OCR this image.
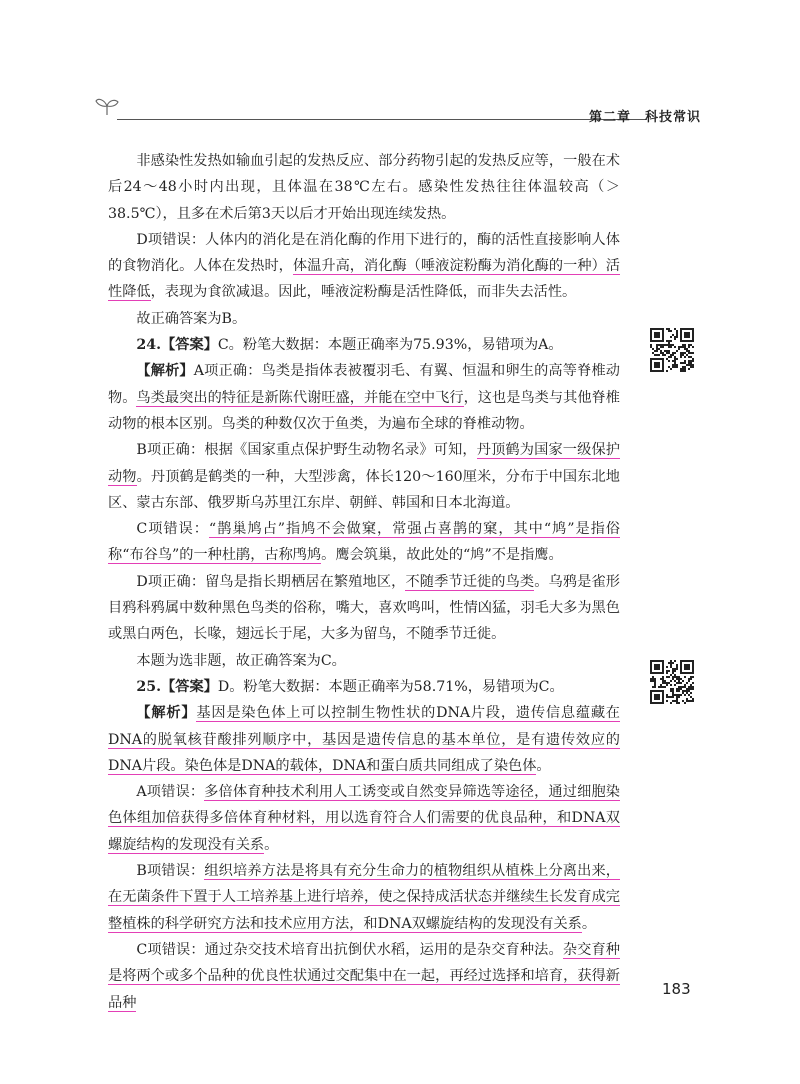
第二章 科技常识

非感染性发热如输血引起的发热反应、部分药物引起的发热反应等，一般在术后24～48小时内出现，且体温在38℃左右。感染性发热往往体温较高（＞38.5℃），且多在术后第3天以后才开始出现连续发热。

D项错误：人体内的消化是在消化酶的作用下进行的，酶的活性直接影响人体的食物消化。人体在发热时，体温升高，消化酶（唾液淀粉酶为消化酶的一种）活性降低，表现为食欲减退。因此，唾液淀粉酶是活性降低，而非失去活性。

故正确答案为B。

24.【答案】C。粉笔大数据：本题正确率为75.93%，易错项为A。

【解析】A项正确：鸟类是指体表被覆羽毛、有翼、恒温和卵生的高等脊椎动物。鸟类最突出的特征是新陈代谢旺盛，并能在空中飞行，这也是鸟类与其他脊椎动物的根本区别。鸟类的种数仅次于鱼类，为遍布全球的脊椎动物。

B项正确：根据《国家重点保护野生动物名录》可知，丹顶鹤为国家一级保护动物。丹顶鹤是鹤类的一种，大型涉禽，体长120～160厘米，分布于中国东北地区、蒙古东部、俄罗斯乌苏里江东岸、朝鲜、韩国和日本北海道。

C项错误：“鹊巢鸠占”指鸠不会做窠，常强占喜鹊的窠，其中“鸠”是指俗称“布谷鸟”的一种杜鹃，古称鸤鸠。鹰会筑巢，故此处的“鸠”不是指鹰。

D项正确：留鸟是指长期栖居在繁殖地区，不随季节迁徙的鸟类。乌鸦是雀形目鸦科鸦属中数种黑色鸟类的俗称，嘴大，喜欢鸣叫，性情凶猛，羽毛大多为黑色或黑白两色，长喙，翅远长于尾，大多为留鸟，不随季节迁徙。

本题为选非题，故正确答案为C。

25.【答案】D。粉笔大数据：本题正确率为58.71%，易错项为C。

【解析】基因是染色体上可以控制生物性状的DNA片段，遗传信息蕴藏在DNA的脱氧核苷酸排列顺序中，基因是遗传信息的基本单位，是有遗传效应的DNA片段。染色体是DNA的载体，DNA和蛋白质共同组成了染色体。

A项错误：多倍体育种技术利用人工诱变或自然变异筛选等途径，通过细胞染色体组加倍获得多倍体育种材料，用以选育符合人们需要的优良品种，和DNA双螺旋结构的发现没有关系。

B项错误：组织培养方法是将具有充分生命力的植物组织从植株上分离出来，在无菌条件下置于人工培养基上进行培养，使之保持成活状态并继续生长发育成完整植株的科学研究方法和技术应用方法，和DNA双螺旋结构的发现没有关系。

C项错误：通过杂交技术培育出抗倒伏水稻，运用的是杂交育种法。杂交育种是将两个或多个品种的优良性状通过交配集中在一起，再经过选择和培育，获得新品种

183
